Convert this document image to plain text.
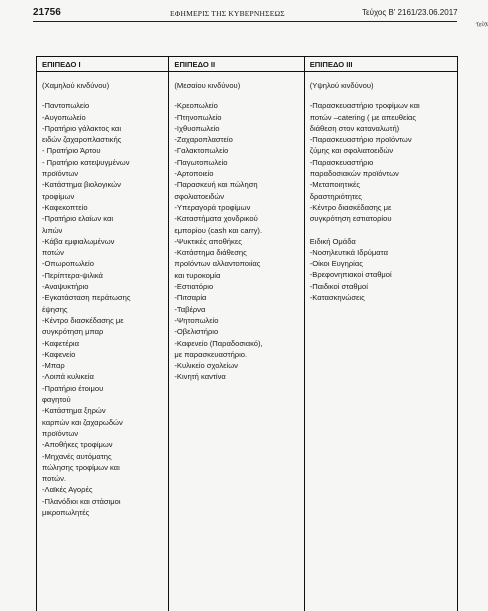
21756	ΕΦΗΜΕΡΙΣ ΤΗΣ ΚΥΒΕΡΝΗΣΕΩΣ	Τεύχος Β' 2161/23.06.2017
Τεύχ
ΕΠΙΠΕΔΟ Ι
(Χαμηλού κινδύνου)
-Παντοπωλείο
-Αυγοπωλείο
-Πρατήριο γάλακτος και
ειδών ζαχαροπλαστικής
- Πρατήριο Άρτου
- Πρατήριο κατεψυγμένων
προϊόντων
-Κατάστημα βιολογικών
τροφίμων
-Καφεκοπτείο
-Πρατήριο ελαίων και
λιπών
-Κάβα εμφιαλωμένων
ποτών
-Οπωροπωλείο
-Περίπτερα-ψιλικά
-Αναψυκτήριο
-Εγκατάσταση περάτωσης
έψησης
-Κέντρο διασκέδασης με
συγκρότηση μπαρ
-Καφετέρια
-Καφενείο
-Μπαρ
-Λοιπά κυλικεία
-Πρατήριο έτοιμου
φαγητού
-Κατάστημα ξηρών
καρπών και ζαχαρωδών
προϊόντων
-Αποθήκες τροφίμων
-Μηχανές αυτόματης
πώλησης τροφίμων και
ποτών.
-Λαϊκές Αγορές
-Πλανόδιοι και στάσιμοι
μικροπωλητές
ΕΠΙΠΕΔΟ ΙΙ
(Μεσαίου κινδύνου)
-Κρεοπωλείο
-Πτηνοπωλείο
-Ιχθυοπωλείο
-Ζαχαροπλαστείο
-Γαλακτοπωλείο
-Παγωτοπωλείο
-Αρτοποιείο
-Παρασκευή και πώληση
σφολιατοειδών
-Υπεραγορά τροφίμων
-Καταστήματα χονδρικού
εμπορίου (cash και carry).
-Ψυκτικές αποθήκες
-Κατάστημα διάθεσης
προϊόντων αλλαντοποιίας
και τυροκομία
-Εστιατόριο
-Πιτσαρία
-Ταβέρνα
-Ψητοπωλείο
-Οβελιστήριο
-Καφενείο (Παραδοσιακό),
με παρασκευαστήριο.
-Κυλικείο σχολείων
-Κινητή καντίνα
ΕΠΙΠΕΔΟ ΙΙΙ
(Υψηλού κινδύνου)
-Παρασκευαστήριο τροφίμων και
ποτών –catering ( με απευθείας
διάθεση στον καταναλωτή)
-Παρασκευαστήριο προϊόντων
ζύμης και σφολιατοειδών
-Παρασκευαστήριο
παραδοσιακών προϊόντων
-Μεταποιητικές
δραστηριότητες
-Κέντρο διασκέδασης με
συγκρότηση εστιατορίου
Ειδική Ομάδα
-Νοσηλευτικά Ιδρύματα
-Οίκοι Ευγηρίας
-Βρεφονηπιακοί σταθμοί
-Παιδικοί σταθμοί
-Κατασκηνώσεις
